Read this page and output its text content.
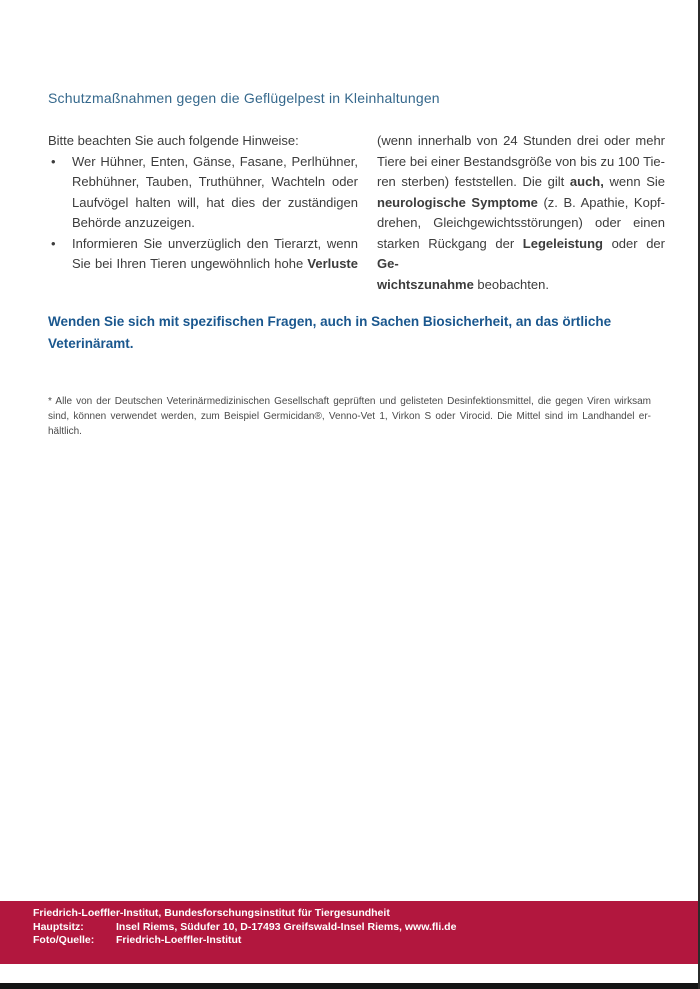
Schutzmaßnahmen gegen die Geflügelpest in Kleinhaltungen
Bitte beachten Sie auch folgende Hinweise:
• Wer Hühner, Enten, Gänse, Fasane, Perlhühner,
Rebhühner, Tauben, Truthühner, Wachteln oder
Laufvögel halten will, hat dies der zuständigen
Behörde anzuzeigen.
• Informieren Sie unverzüglich den Tierarzt, wenn
Sie bei Ihren Tieren ungewöhnlich hohe Verluste
(wenn innerhalb von 24 Stunden drei oder mehr
Tiere bei einer Bestandsgröße von bis zu 100 Tie-
ren sterben) feststellen. Die gilt auch, wenn Sie
neurologische Symptome (z. B. Apathie, Kopf-
drehen, Gleichgewichtsstörungen) oder einen
starken Rückgang der Legeleistung oder der Ge-
wichtszunahme beobachten.
Wenden Sie sich mit spezifischen Fragen, auch in Sachen Biosicherheit, an das örtliche
Veterinäramt.
* Alle von der Deutschen Veterinärmedizinischen Gesellschaft geprüften und gelisteten Desinfektionsmittel, die gegen Viren wirksam
sind, können verwendet werden, zum Beispiel Germicidan®, Venno-Vet 1, Virkon S oder Virocid. Die Mittel sind im Landhandel er-
hältlich.
Friedrich-Loeffler-Institut, Bundesforschungsinstitut für Tiergesundheit
Hauptsitz:	Insel Riems, Südufer 10, D-17493 Greifswald-Insel Riems, www.fli.de
Foto/Quelle: Friedrich-Loeffler-Institut
